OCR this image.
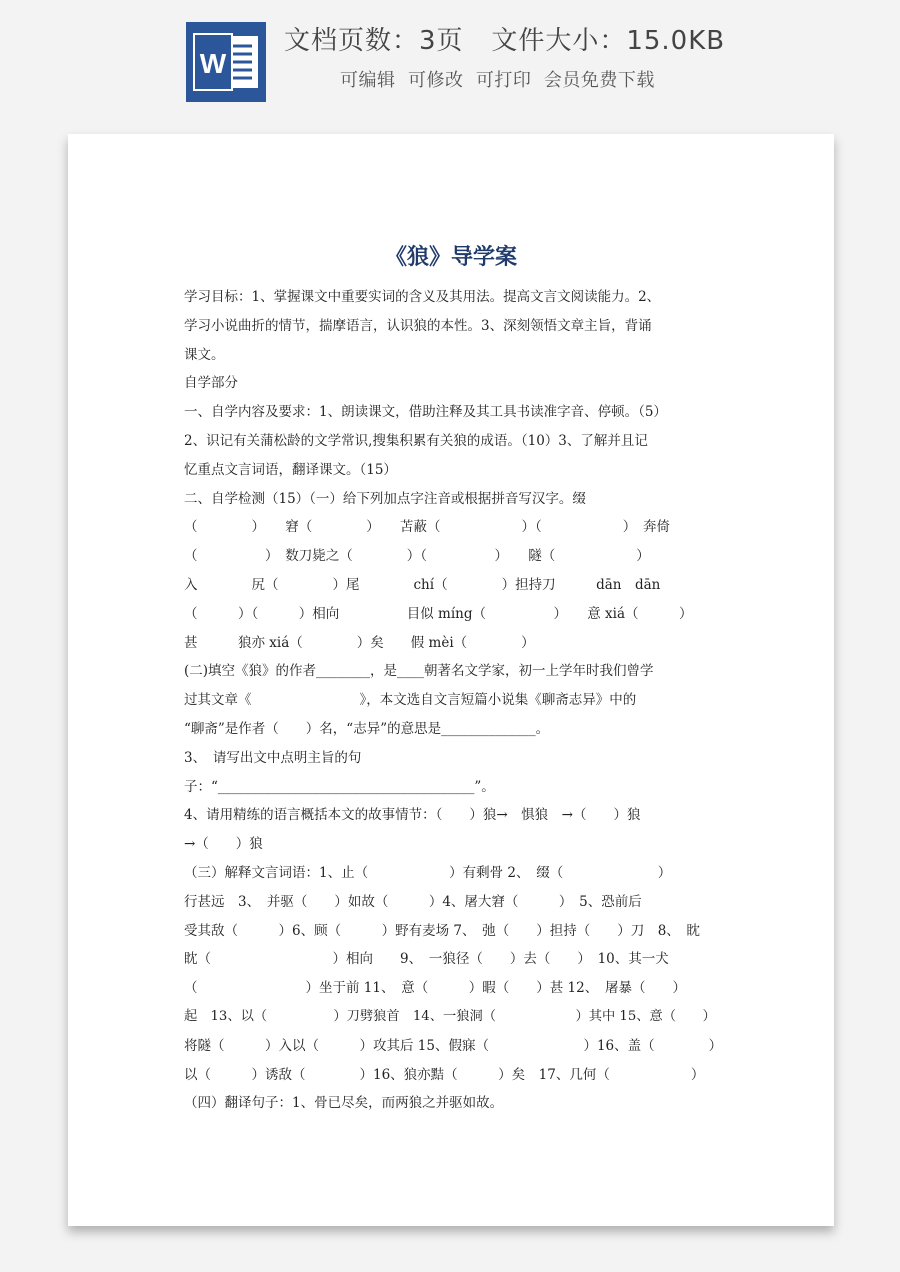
W
文档页数：3页   文件大小：15.0KB
可编辑  可修改  可打印  会员免费下载
《狼》导学案
学习目标：1、掌握课文中重要实词的含义及其用法。提高文言文阅读能力。2、
学习小说曲折的情节，揣摩语言，认识狼的本性。3、深刻领悟文章主旨，背诵
课文。
自学部分
一、自学内容及要求：1、朗读课文，借助注释及其工具书读准字音、停顿。（5）
2、识记有关蒲松龄的文学常识,搜集积累有关狼的成语。（10）3、了解并且记
忆重点文言词语，翻译课文。（15）
二、自学检测（15）（一）给下列加点字注音或根据拼音写汉字。缀
（　　　　）　　窘（　　　　）　　苫蔽（　　　　　　）（　　　　　　）　奔倚
（　　　　　）　数刀毙之（　　　　）（　　　　　）　　隧（　　　　　　）
入　　　　尻（　　　　）尾　　　　chí（　　　　）担持刀　　　dān　dān
（　　　）（　　　）相向　　　　　目似 míng（　　　　　）　　意 xiá（　　　）
甚　　　狼亦 xiá（　　　　）矣　　假 mèi（　　　　）
(二)填空《狼》的作者________，是____朝著名文学家，初一上学年时我们曾学
过其文章《　　　　　　　　》，本文选自文言短篇小说集《聊斋志异》中的
“聊斋”是作者（　　）名，“志异”的意思是______________。
3、　请写出文中点明主旨的句
子：“______________________________________”。
4、请用精练的语言概括本文的故事情节：（　　）狼→　惧狼　→（　　）狼
→（　　）狼
（三）解释文言词语：1、止（　　　　　　）有剩骨 2、　缀（　　　　　　　）
行甚远　3、　并驱（　　）如故（　　　）4、屠大窘（　　　）　5、恐前后
受其敌（　　　）6、顾（　　　）野有麦场 7、　弛（　　）担持（　　）刀　8、　眈
眈（　　　　　　　　　）相向　　9、　一狼径（　　）去（　　）　10、其一犬
（　　　　　　　　）坐于前 11、　意（　　　）暇（　　）甚 12、　屠暴（　　）
起　13、以（　　　　　）刀劈狼首　14、一狼洞（　　　　　　）其中 15、意（　　）
将隧（　　　）入以（　　　）攻其后 15、假寐（　　　　　　　）16、盖（　　　　）
以（　　　）诱敌（　　　　）16、狼亦黠（　　　）矣　17、几何（　　　　　　）
（四）翻译句子：1、骨已尽矣，而两狼之并驱如故。
